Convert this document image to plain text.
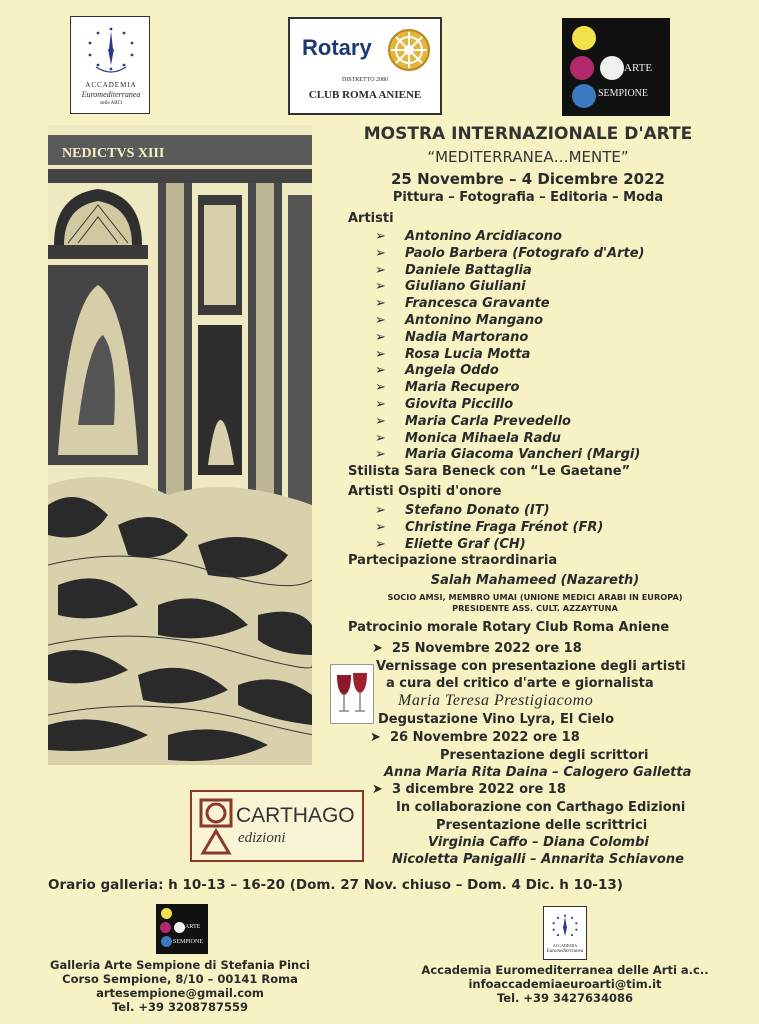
ACCADEMIA
Euromediterranea
delle ARTI
Rotary
DISTRETTO 2080
CLUB ROMA ANIENE
ARTE
SEMPIONE
NEDICTVS XIII
MOSTRA INTERNAZIONALE D'ARTE
“MEDITERRANEA…MENTE”
25 Novembre – 4 Dicembre 2022
Pittura – Fotografia – Editoria – Moda
Artisti
➢ Antonino Arcidiacono
➢ Paolo Barbera (Fotografo d'Arte)
➢ Daniele Battaglia
➢ Giuliano Giuliani
➢ Francesca Gravante
➢ Antonino Mangano
➢ Nadia Martorano
➢ Rosa Lucia Motta
➢ Angela Oddo
➢ Maria Recupero
➢ Giovita Piccillo
➢ Maria Carla Prevedello
➢ Monica Mihaela Radu
➢ Maria Giacoma Vancheri (Margi)
Stilista Sara Beneck con “Le Gaetane”
Artisti Ospiti d'onore
➢ Stefano Donato (IT)
➢ Christine Fraga Frénot (FR)
➢ Eliette Graf (CH)
Partecipazione straordinaria
Salah Mahameed (Nazareth)
SOCIO AMSI, MEMBRO UMAI (UNIONE MEDICI ARABI IN EUROPA)
PRESIDENTE ASS. CULT. AZZAYTUNA
Patrocinio morale Rotary Club Roma Aniene
➤  25 Novembre 2022 ore 18
Vernissage con presentazione degli artisti
a cura del critico d'arte e giornalista
Maria Teresa Prestigiacomo
Degustazione Vino Lyra, El Cielo
➤  26 Novembre 2022 ore 18
Presentazione degli scrittori
Anna Maria Rita Daina – Calogero Galletta
CARTHAGO
edizioni
➤  3 dicembre 2022 ore 18
In collaborazione con Carthago Edizioni
Presentazione delle scrittrici
Virginia Caffo – Diana Colombi
Nicoletta Panigalli – Annarita Schiavone
Orario galleria: h 10-13 – 16-20 (Dom. 27 Nov. chiuso – Dom. 4 Dic. h 10-13)
ARTE
SEMPIONE
Galleria Arte Sempione di Stefania Pinci
Corso Sempione, 8/10 – 00141 Roma
artesempione@gmail.com
Tel. +39 3208787559
ACCADEMIA
Euromediterranea
Accademia Euromediterranea delle Arti a.c..
infoaccademiaeuroarti@tim.it
Tel. +39 3427634086
